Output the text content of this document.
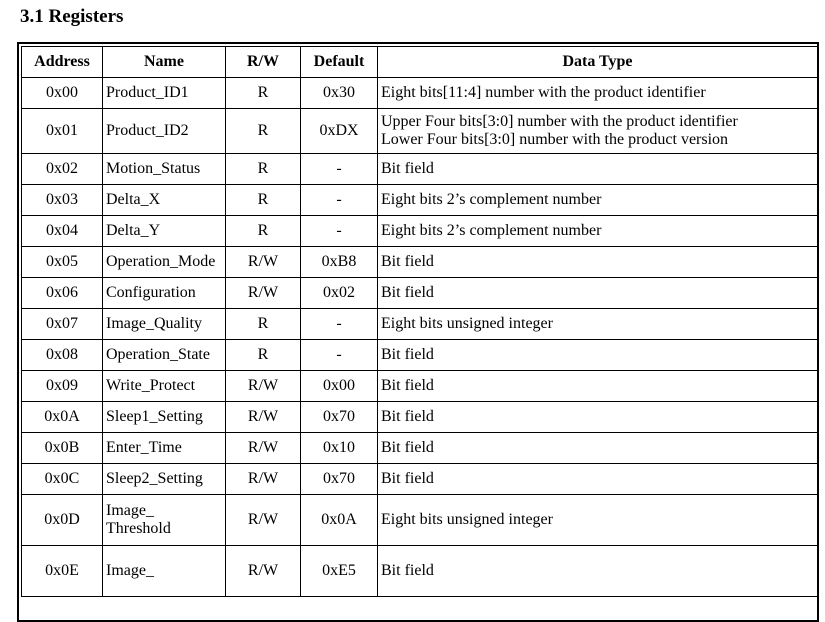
3.1 Registers
Address	Name	R/W	Default	Data Type
0x00	Product_ID1	R	0x30	Eight bits[11:4] number with the product identifier

0x01	Product_ID2	R	0xDX	Upper Four bits[3:0] number with the product identifier
Lower Four bits[3:0] number with the product version

0x02	Motion_Status	R	-	Bit field

0x03	Delta_X	R	-	Eight bits 2’s complement number

0x04	Delta_Y	R	-	Eight bits 2’s complement number

0x05	Operation_Mode	R/W	0xB8	Bit field

0x06	Configuration	R/W	0x02	Bit field

0x07	Image_Quality	R	-	Eight bits unsigned integer

0x08	Operation_State	R	-	Bit field

0x09	Write_Protect	R/W	0x00	Bit field

0x0A	Sleep1_Setting	R/W	0x70	Bit field

0x0B	Enter_Time	R/W	0x10	Bit field

0x0C	Sleep2_Setting	R/W	0x70	Bit field

0x0D	Image_
Threshold	R/W	0x0A	Eight bits unsigned integer

0x0E	Image_	R/W	0xE5	Bit field
